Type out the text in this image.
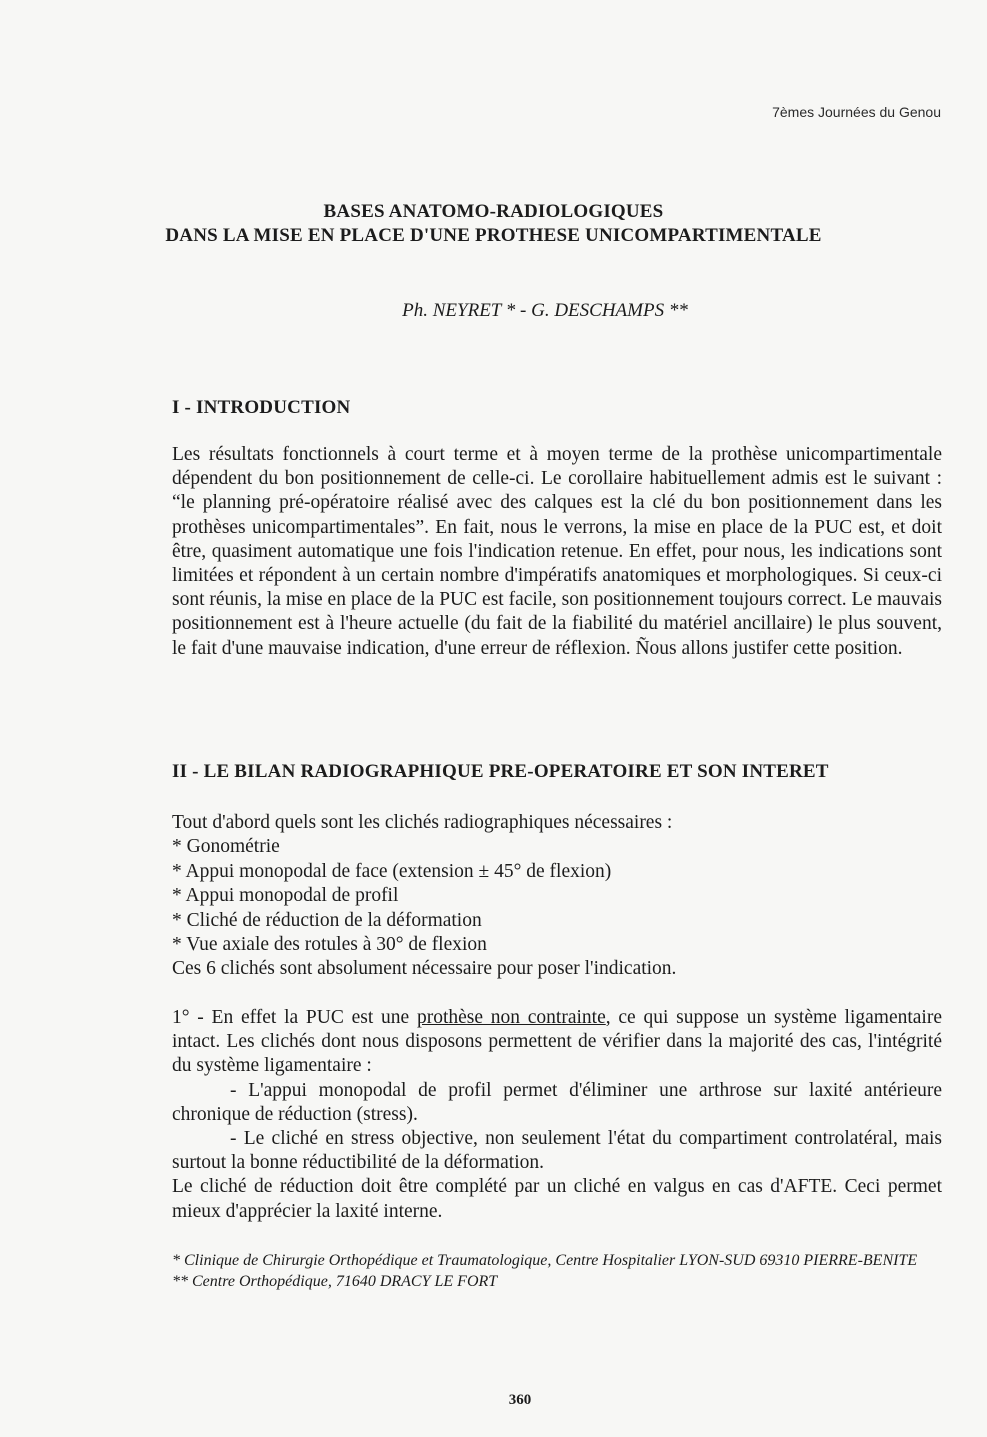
7èmes Journées du Genou
BASES ANATOMO-RADIOLOGIQUES
DANS LA MISE EN PLACE D'UNE PROTHESE UNICOMPARTIMENTALE
Ph. NEYRET * - G. DESCHAMPS **
I - INTRODUCTION
Les résultats fonctionnels à court terme et à moyen terme de la prothèse unicompartimentale dépendent du bon positionnement de celle-ci. Le corollaire habituellement admis est le suivant : “le planning pré-opératoire réalisé avec des calques est la clé du bon positionnement dans les prothèses unicompartimentales”. En fait, nous le verrons, la mise en place de la PUC est, et doit être, quasiment automatique une fois l'indication retenue. En effet, pour nous, les indications sont limitées et répondent à un certain nombre d'impératifs anatomiques et morphologiques. Si ceux-ci sont réunis, la mise en place de la PUC est facile, son positionnement toujours correct. Le mauvais positionnement est à l'heure actuelle (du fait de la fiabilité du matériel ancillaire) le plus souvent, le fait d'une mauvaise indication, d'une erreur de réflexion. Ñous allons justifer cette position.
II - LE BILAN RADIOGRAPHIQUE PRE-OPERATOIRE ET SON INTERET
Tout d'abord quels sont les clichés radiographiques nécessaires :
* Gonométrie
* Appui monopodal de face (extension ± 45° de flexion)
* Appui monopodal de profil
* Cliché de réduction de la déformation
* Vue axiale des rotules à 30° de flexion
Ces 6 clichés sont absolument nécessaire pour poser l'indication.
1° - En effet la PUC est une prothèse non contrainte, ce qui suppose un système ligamentaire intact. Les clichés dont nous disposons permettent de vérifier dans la majorité des cas, l'intégrité du système ligamentaire :
- L'appui monopodal de profil permet d'éliminer une arthrose sur laxité antérieure chronique de réduction (stress).
- Le cliché en stress objective, non seulement l'état du compartiment controlatéral, mais surtout la bonne réductibilité de la déformation.
Le cliché de réduction doit être complété par un cliché en valgus en cas d'AFTE. Ceci permet mieux d'apprécier la laxité interne.
* Clinique de Chirurgie Orthopédique et Traumatologique, Centre Hospitalier LYON-SUD 69310 PIERRE-BENITE
** Centre Orthopédique, 71640 DRACY LE FORT
360
